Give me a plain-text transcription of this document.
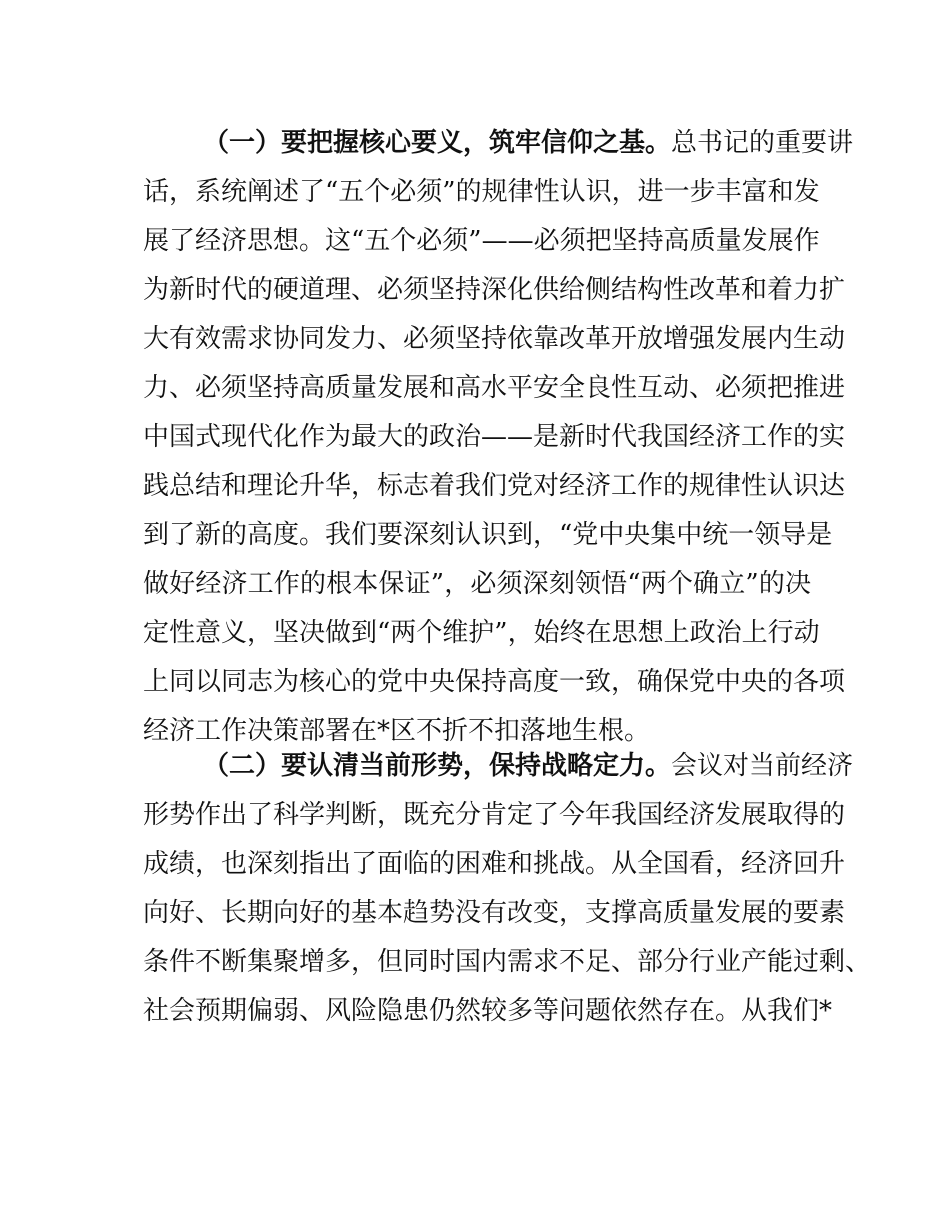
（一）要把握核心要义，筑牢信仰之基。总书记的重要讲
话，系统阐述了“五个必须”的规律性认识，进一步丰富和发
展了经济思想。这“五个必须”——必须把坚持高质量发展作
为新时代的硬道理、必须坚持深化供给侧结构性改革和着力扩
大有效需求协同发力、必须坚持依靠改革开放增强发展内生动
力、必须坚持高质量发展和高水平安全良性互动、必须把推进
中国式现代化作为最大的政治——是新时代我国经济工作的实
践总结和理论升华，标志着我们党对经济工作的规律性认识达
到了新的高度。我们要深刻认识到，“党中央集中统一领导是
做好经济工作的根本保证”，必须深刻领悟“两个确立”的决
定性意义，坚决做到“两个维护”，始终在思想上政治上行动
上同以同志为核心的党中央保持高度一致，确保党中央的各项
经济工作决策部署在*区不折不扣落地生根。
（二）要认清当前形势，保持战略定力。会议对当前经济
形势作出了科学判断，既充分肯定了今年我国经济发展取得的
成绩，也深刻指出了面临的困难和挑战。从全国看，经济回升
向好、长期向好的基本趋势没有改变，支撑高质量发展的要素
条件不断集聚增多，但同时国内需求不足、部分行业产能过剩、
社会预期偏弱、风险隐患仍然较多等问题依然存在。从我们*
